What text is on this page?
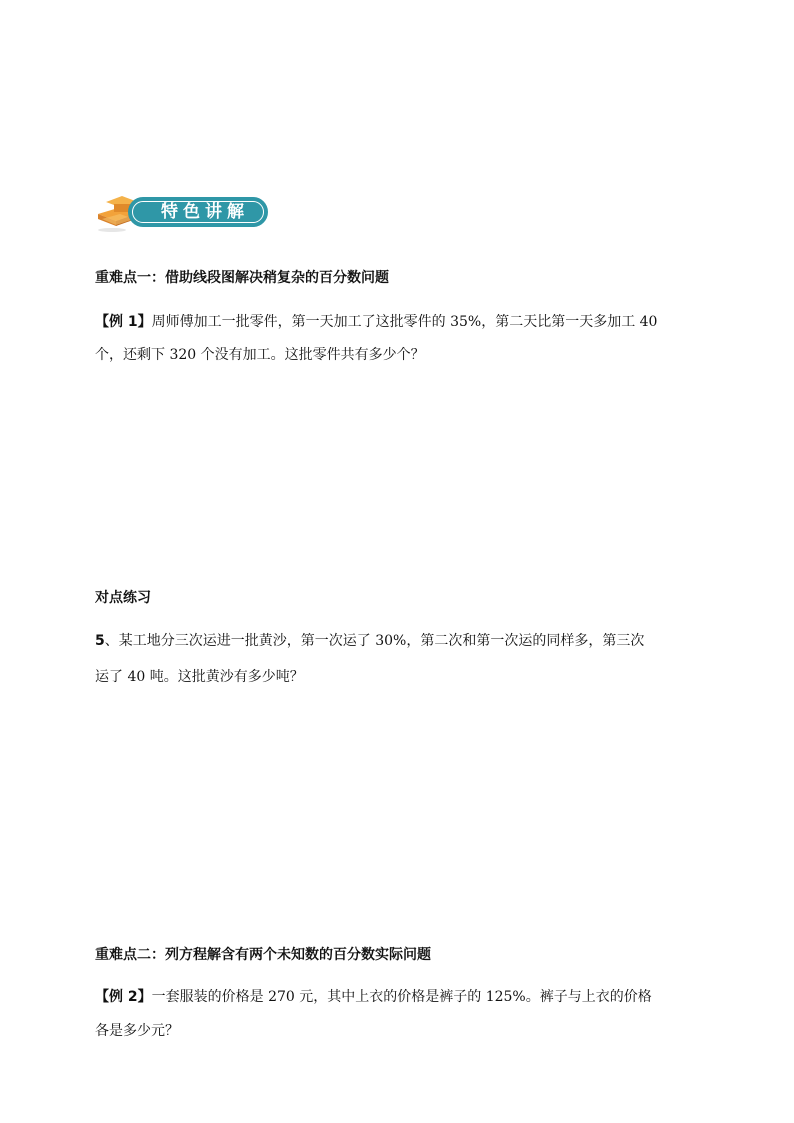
特色讲解
重难点一：借助线段图解决稍复杂的百分数问题
【例 1】周师傅加工一批零件，第一天加工了这批零件的 35%，第二天比第一天多加工 40
个，还剩下 320 个没有加工。这批零件共有多少个？
对点练习
5、某工地分三次运进一批黄沙，第一次运了 30%，第二次和第一次运的同样多，第三次
运了 40 吨。这批黄沙有多少吨？
重难点二：列方程解含有两个未知数的百分数实际问题
【例 2】一套服装的价格是 270 元，其中上衣的价格是裤子的 125%。裤子与上衣的价格
各是多少元？
